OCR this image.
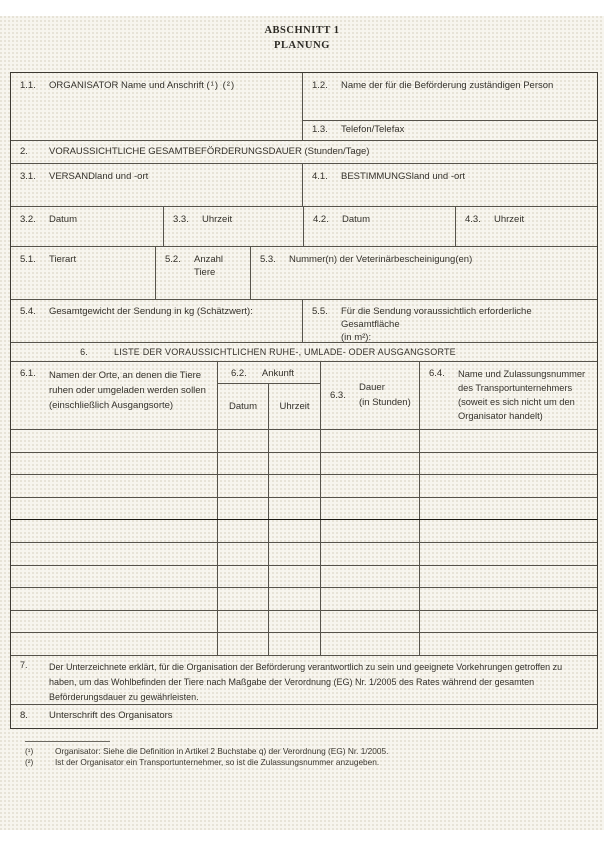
ABSCHNITT 1
PLANUNG
1.1.	ORGANISATOR Name und Anschrift (¹) (²)	1.2.	Name der für die Beförderung zuständigen Person
1.3.	Telefon/Telefax
2.	VORAUSSICHTLICHE GESAMTBEFÖRDERUNGSDAUER (Stunden/Tage)
3.1.	VERSANDland und -ort	4.1.	BESTIMMUNGSland und -ort
3.2.	Datum	3.3.	Uhrzeit	4.2.	Datum	4.3.	Uhrzeit
5.1.	Tierart	5.2.	Anzahl Tiere
5.3.	Nummer(n) der Veterinärbescheinigung(en)
5.4.	Gesamtgewicht der Sendung in kg (Schätzwert):	5.5.	Für die Sendung voraussichtlich erforderliche Gesamtfläche
(in m²):
6.	LISTE DER VORAUSSICHTLICHEN RUHE-, UMLADE- ODER AUSGANGSORTE
6.1.	Namen der Orte, an denen die Tiere
ruhen oder umgeladen werden sollen
(einschließlich Ausgangsorte)
6.2. Ankunft
Datum	Uhrzeit
6.3.
Dauer
(in Stunden)
6.4.	Name und Zulassungsnummer
des Transportunternehmers
(soweit es sich nicht um den
Organisator handelt)
7.	Der Unterzeichnete erklärt, für die Organisation der Beförderung verantwortlich zu sein und geeignete Vorkehrungen getroffen zu
haben, um das Wohlbefinden der Tiere nach Maßgabe der Verordnung (EG) Nr. 1/2005 des Rates während der gesamten
Beförderungsdauer zu gewährleisten.
8.	Unterschrift des Organisators
(¹)	Organisator: Siehe die Definition in Artikel 2 Buchstabe q) der Verordnung (EG) Nr. 1/2005.
(²)	Ist der Organisator ein Transportunternehmer, so ist die Zulassungsnummer anzugeben.
